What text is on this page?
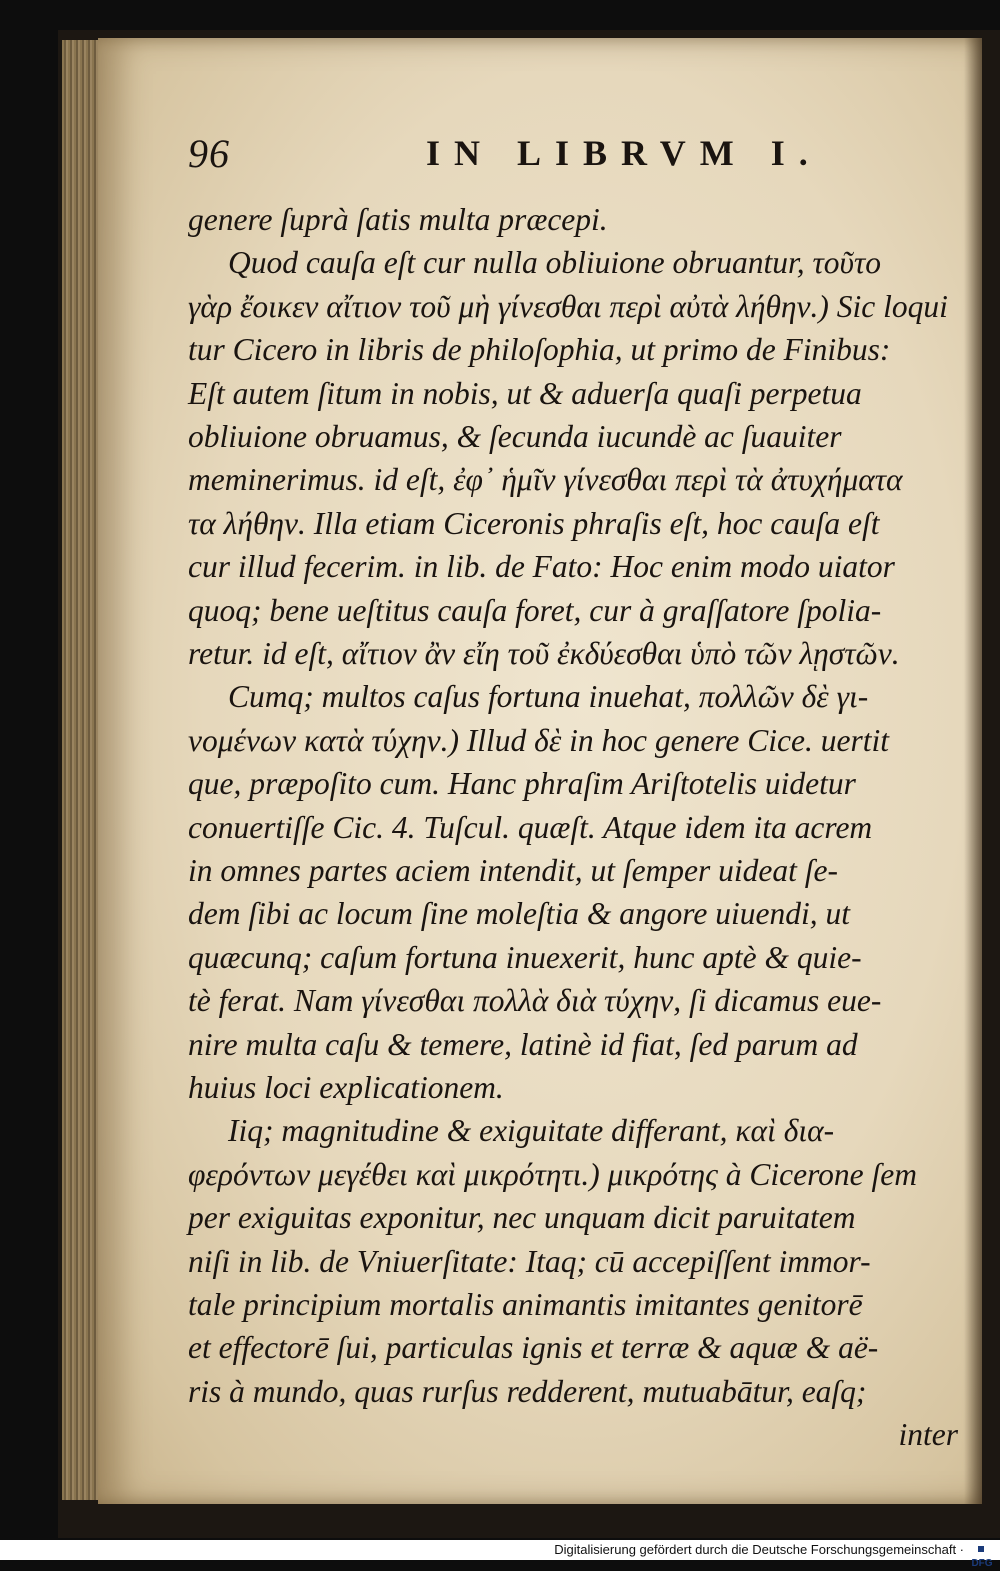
96	IN LIBRVM I.
genere ſuprà ſatis multa præcepi.
Quod cauſa eſt cur nulla obliuione obruantur, τοῦτο
γὰρ ἔοικεν αἴτιον τοῦ μὴ γίνεσθαι περὶ αὐτὰ λήθην.) Sic loqui
tur Cicero in libris de philoſophia, ut primo de Finibus:
Eſt autem ſitum in nobis, ut & aduerſa quaſi perpetua
obliuione obruamus, & ſecunda iucundè ac ſuauiter
meminerimus. id eſt, ἐφ᾽ ἡμῖν γίνεσθαι περὶ τὰ ἀτυχήματα
τα λήθην. Illa etiam Ciceronis phraſis eſt, hoc cauſa eſt
cur illud fecerim. in lib. de Fato: Hoc enim modo uiator
quoq; bene ueſtitus cauſa foret, cur à graſſatore ſpolia-
retur. id eſt, αἴτιον ἂν εἴη τοῦ ἐκδύεσθαι ὑπὸ τῶν λῃστῶν.
Cumq; multos caſus fortuna inuehat, πολλῶν δὲ γι-
νομένων κατὰ τύχην.) Illud δὲ in hoc genere Cice. uertit
que, præpoſito cum. Hanc phraſim Ariſtotelis uidetur
conuertiſſe Cic. 4. Tuſcul. quæſt. Atque idem ita acrem
in omnes partes aciem intendit, ut ſemper uideat ſe-
dem ſibi ac locum ſine moleſtia & angore uiuendi, ut
quæcunq; caſum fortuna inuexerit, hunc aptè & quie-
tè ferat. Nam γίνεσθαι πολλὰ διὰ τύχην, ſi dicamus eue-
nire multa caſu & temere, latinè id fiat, ſed parum ad
huius loci explicationem.
Iiq; magnitudine & exiguitate differant, καὶ δια-
φερόντων μεγέθει καὶ μικρότητι.) μικρότης à Cicerone ſem
per exiguitas exponitur, nec unquam dicit paruitatem
niſi in lib. de Vniuerſitate: Itaq; cū accepiſſent immor-
tale principium mortalis animantis imitantes genitorē
et effectorē ſui, particulas ignis et terræ & aquæ & aë-
ris à mundo, quas rurſus redderent, mutuabātur, eaſq;
inter
Digitalisierung gefördert durch die Deutsche Forschungsgemeinschaft ·
DFG
